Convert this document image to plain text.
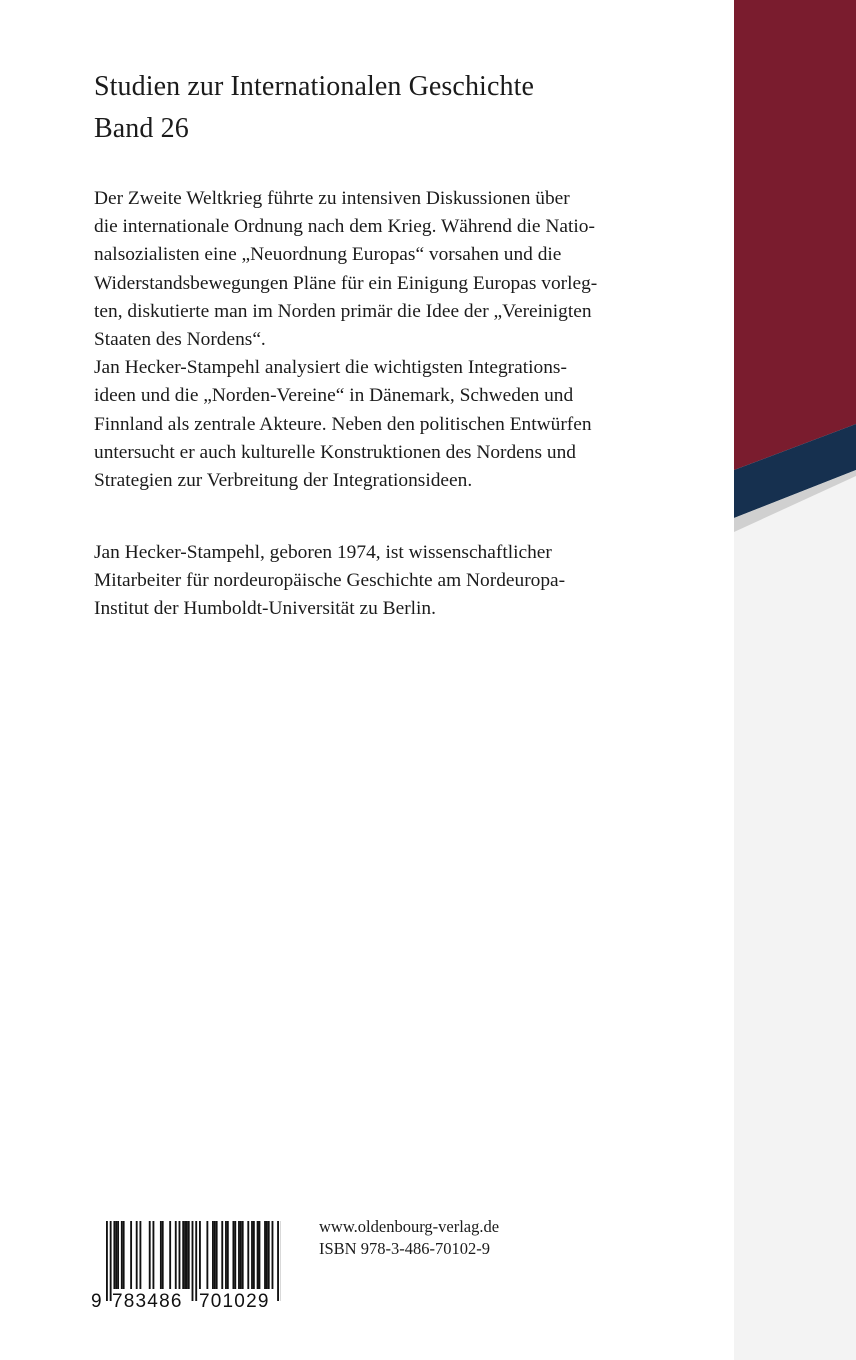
Studien zur Internationalen Geschichte
Band 26
Der Zweite Weltkrieg führte zu intensiven Diskussionen über
die internationale Ordnung nach dem Krieg. Während die Natio-
nalsozialisten eine „Neuordnung Europas“ vorsahen und die
Widerstandsbewegungen Pläne für ein Einigung Europas vorleg-
ten, diskutierte man im Norden primär die Idee der „Vereinigten
Staaten des Nordens“.
Jan Hecker-Stampehl analysiert die wichtigsten Integrations-
ideen und die „Norden-Vereine“ in Dänemark, Schweden und
Finnland als zentrale Akteure. Neben den politischen Entwürfen
untersucht er auch kulturelle Konstruktionen des Nordens und
Strategien zur Verbreitung der Integrationsideen.
Jan Hecker-Stampehl, geboren 1974, ist wissenschaftlicher
Mitarbeiter für nordeuropäische Geschichte am Nordeuropa-
Institut der Humboldt-Universität zu Berlin.
9 783486 701029
www.oldenbourg-verlag.de
ISBN 978-3-486-70102-9
